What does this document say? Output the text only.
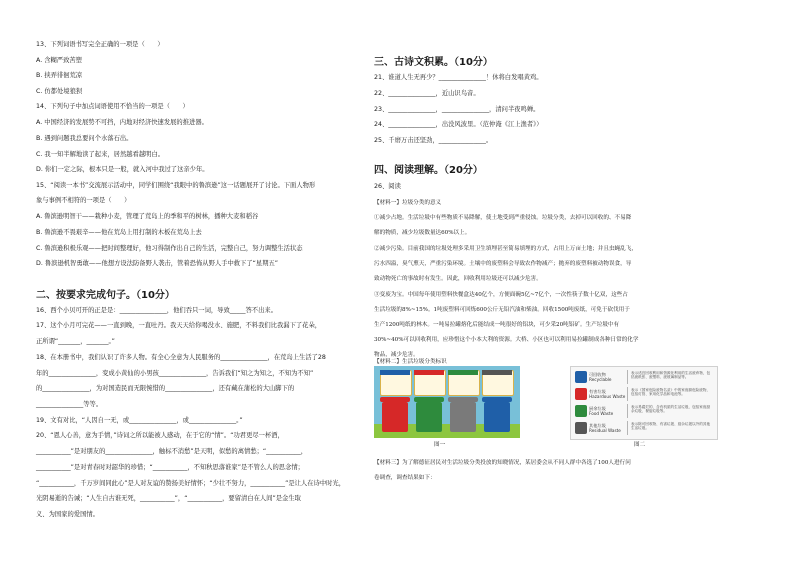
13、下列词语书写完全正确的一项是（　　）
A. 含糊严致苦塑
B. 挟弄徘徊荒凉
C. 仿都处境狼狈
14、下列句子中加点词语使用不恰当的一项是（　　）
A. 中国经济的发展势不可挡，内地对经济快速发展的推进器。
B. 遇到问题我总要问个水落石出。
C. 我一知半解地读了起来，居然越看越明白。
D. 你们一定之际，根本只是一般，就入河中我过了这亲少年。
15、“阅读一本书”交流展示活动中，同学们围绕“我眼中的鲁滨逊”这一话题展开了讨论。下面人物形
象与事例不相符的一项是（　　）
A. 鲁滨逊明智干——栽种小麦，管理了荒岛上的季和平的树林，播种大麦和稻谷
B. 鲁滨逊不畏艰辛——他在荒岛上用打制的木板在荒岛上去
C. 鲁滨逊积极乐观——把时间整理好，他习得制作出自己的生活，完整自己，努力调整生活状态
D. 鲁滨逊机智勇敢——他想方设法防备野人袭击，管着恐怖从野人手中救下了“星期五”
二、按要求完成句子。（10分）
16、西个小贝可开的正是是：_______________，他们吞只一词，导致_____答不出来。
17、这个小月可完花——一直到晚，一直吐丹。我天天给你喝没水、施肥，不料我们比我漏下了花朵，
正所谓“_______，_______。”
18、在本册书中，我们认识了许多人物。有全心全意为人民服务的_______________，在荒岛上生活了28
年的_______________，变成小黄仙的小男孩_______________，告诉我们“知之为知之，不知为不知”
的_______________，为对国造民而无限惋惜的_______________，还有藏在蒲松的大山脚下的
_______________等等。
19、文有对比，“人因自一无，或_______________，或_______________。”
20、“恩人心善，意为手情，”诗词之所以能被人感动，在于它的“情”。“功君更尽一杯酒，
___________”是对朋友的_______________，触标不消愁”是天明，似愁的离情愁；“___________，
___________”是对青春时对韶华的珍惜；“___________，不知秋思落谁家”是不管么人的思念情；
“___________，千万岁间同此心”是人对友谊的赞扬美好情怀；“少壮不努力，___________”是让人在诗中时光，
光阴易逝的告诫；“人生自古谁无死，___________”，“___________，要留清白在人间”是金生取
义、为国家的爱国情。
三、古诗文积累。（10分）
21、谁道人生无再少？_______________！休将白发唱黄鸡。
22、_______________，近山识鸟音。
23、_______________，_______________，清问半夜鸣蝉。
24、_______________，出没风波里。（范仲淹《江上渔者》）
25、千磨万击还坚劲，_______________。
四、阅读理解。（20分）
26、阅读
【材料一】垃圾分类的意义
①减少占地。生活垃圾中有些物质不易降解，使土地受到严重侵蚀。垃圾分类，去掉可以回收的、不易降
解的物质，减少垃圾数量达60%以上。
②减少污染。目前我国的垃圾处理多采用卫生填埋甚至简易填埋的方式，占用上万亩土地；并且虫蝇乱飞，
污水四溢，臭气熏天，严重污染环境。土壤中的废塑料会导致农作物减产；抛弃的废塑料被动物误食，导
致动物死亡的事故时有发生。因此，回收利用垃圾还可以减少危害。
③变废为宝。中国每年使用塑料快餐盒达40亿个，方便面碗5亿~7亿个，一次性筷子数十亿双，这些占
生活垃圾的8%~15%。1吨废塑料可回炼600公斤无铅汽油和柴油。回收1500吨废纸，可免于砍伐用于
生产1200吨纸的林木。一吨易拉罐熔化后能结成一吨很好的铝块，可少采20吨铝矿。生产垃圾中有
30%~40%可以回收利用，应珍惜这个小本大利的资源。大桥、小区也可以利用易拉罐制成各种日常的化学
物品，减少危害。
【材料二】生活垃圾分类标识
图一
可回收物
Recyclable
表示适宜回收利用和资源化利用的生活废弃物，包括废纸张、废塑料、废玻璃制品等。
有害垃圾
Hazardous Waste
表示《国家危险废物名录》中的家庭源危险废物，包括灯管、家用化学品和电池等。
厨余垃圾
Food Waste
表示易腐烂的、含有机质的生活垃圾，包括家庭厨余垃圾、餐厨垃圾等。
其他垃圾
Residual Waste
表示除可回收物、有害垃圾、厨余垃圾以外的其他生活垃圾。
图二
【材料三】为了解德征居民对生活垃圾分类投放的知晓情况，某居委会从不同人群中各选了100人进行问
卷调查，调查结果如下：
